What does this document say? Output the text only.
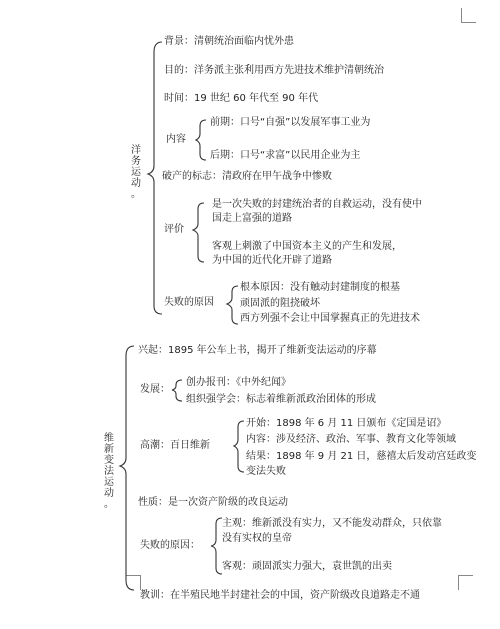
洋
务
运
动
。
背景：清朝统治面临内忧外患
目的：洋务派主张利用西方先进技术维护清朝统治
时间：19 世纪 60 年代至 90 年代
内容
前期：口号“自强”以发展军事工业为
后期：口号“求富”以民用企业为主
破产的标志：清政府在甲午战争中惨败
评价
是一次失败的封建统治者的自救运动，没有使中
国走上富强的道路
客观上刺激了中国资本主义的产生和发展，
为中国的近代化开辟了道路
失败的原因
根本原因：没有触动封建制度的根基
顽固派的阻挠破坏
西方列强不会让中国掌握真正的先进技术
维
新
变
法
运
动
。
兴起：1895 年公车上书，揭开了维新变法运动的序幕
发展：
创办报刊：《中外纪闻》
组织强学会：标志着维新派政治团体的形成
高潮：百日维新
开始：1898 年 6 月 11 日颁布《定国是诏》
内容：涉及经济、政治、军事、教育文化等领域
结果：1898 年 9 月 21 日，慈禧太后发动宫廷政变
变法失败
性质：是一次资产阶级的改良运动
失败的原因：
主观：维新派没有实力，又不能发动群众，只依靠
没有实权的皇帝
客观：顽固派实力强大，袁世凯的出卖
教训：在半殖民地半封建社会的中国，资产阶级改良道路走不通
